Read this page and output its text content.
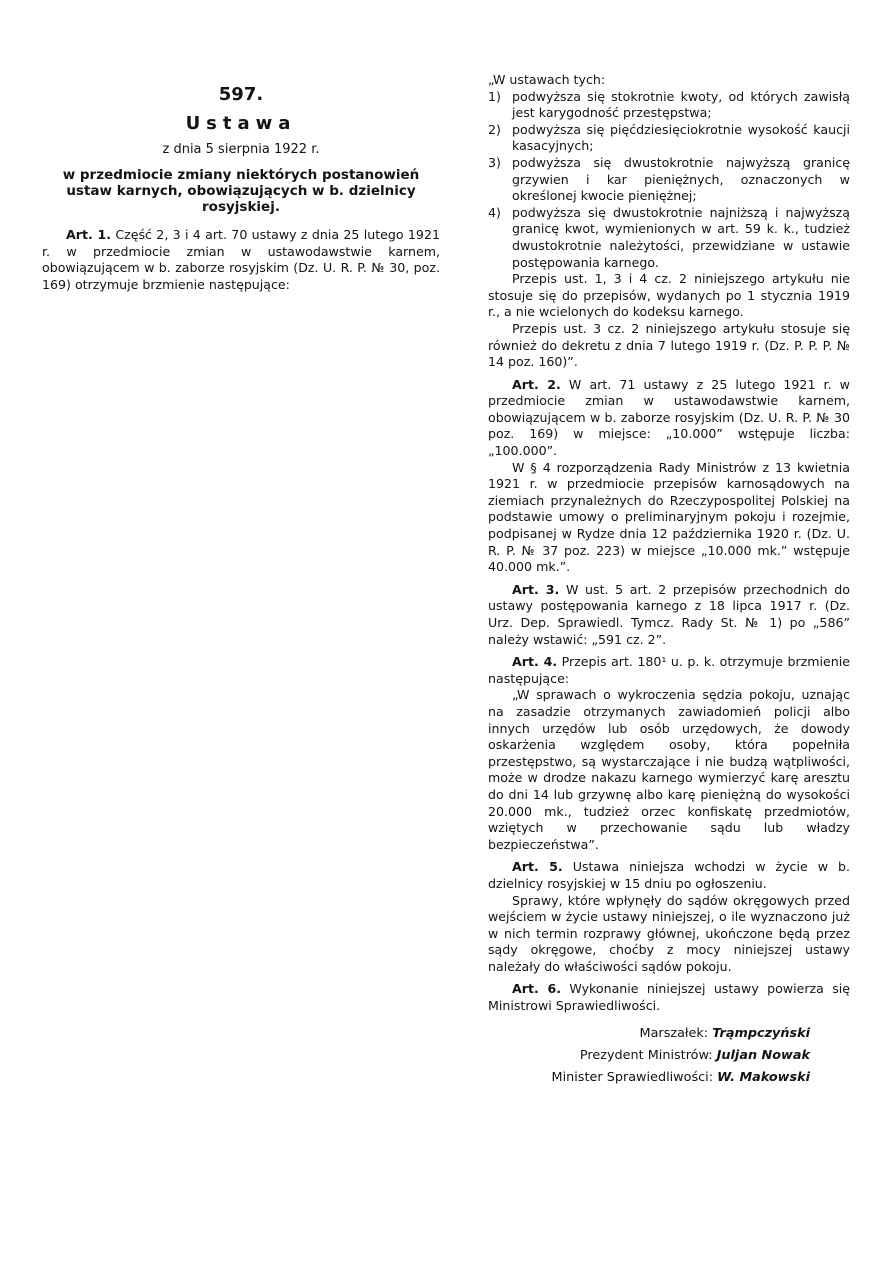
597.
Ustawa
z dnia 5 sierpnia 1922 r.
w przedmiocie zmiany niektórych postanowień ustaw karnych, obowiązujących w b. dzielnicy rosyjskiej.

Art. 1. Część 2, 3 i 4 art. 70 ustawy z dnia 25 lutego 1921 r. w przedmiocie zmian w ustawodawstwie karnem, obowiązującem w b. zaborze rosyjskim (Dz. U. R. P. № 30, poz. 169) otrzymuje brzmienie następujące:

„W ustawach tych:

1) podwyższa się stokrotnie kwoty, od których zawisłą jest karygodność przestępstwa;
2) podwyższa się pięćdziesięciokrotnie wysokość kaucji kasacyjnych;
3) podwyższa się dwustokrotnie najwyższą granicę grzywien i kar pieniężnych, oznaczonych w określonej kwocie pieniężnej;
4) podwyższa się dwustokrotnie najniższą i najwyższą granicę kwot, wymienionych w art. 59 k. k., tudzież dwustokrotnie należytości, przewidziane w ustawie postępowania karnego.

Przepis ust. 1, 3 i 4 cz. 2 niniejszego artykułu nie stosuje się do przepisów, wydanych po 1 stycznia 1919 r., a nie wcielonych do kodeksu karnego.

Przepis ust. 3 cz. 2 niniejszego artykułu stosuje się również do dekretu z dnia 7 lutego 1919 r. (Dz. P. P. P. № 14 poz. 160)”.

Art. 2. W art. 71 ustawy z 25 lutego 1921 r. w przedmiocie zmian w ustawodawstwie karnem, obowiązującem w b. zaborze rosyjskim (Dz. U. R. P. № 30 poz. 169) w miejsce: „10.000” wstępuje liczba: „100.000”.

W § 4 rozporządzenia Rady Ministrów z 13 kwietnia 1921 r. w przedmiocie przepisów karnosądowych na ziemiach przynależnych do Rzeczypospolitej Polskiej na podstawie umowy o preliminaryjnym pokoju i rozejmie, podpisanej w Rydze dnia 12 października 1920 r. (Dz. U. R. P. № 37 poz. 223) w miejsce „10.000 mk.” wstępuje 40.000 mk.”.

Art. 3. W ust. 5 art. 2 przepisów przechodnich do ustawy postępowania karnego z 18 lipca 1917 r. (Dz. Urz. Dep. Sprawiedl. Tymcz. Rady St. № 1) po „586” należy wstawić: „591 cz. 2”.

Art. 4. Przepis art. 180¹ u. p. k. otrzymuje brzmienie następujące:

„W sprawach o wykroczenia sędzia pokoju, uznając na zasadzie otrzymanych zawiadomień policji albo innych urzędów lub osób urzędowych, że dowody oskarżenia względem osoby, która popełniła przestępstwo, są wystarczające i nie budzą wątpliwości, może w drodze nakazu karnego wymierzyć karę aresztu do dni 14 lub grzywnę albo karę pieniężną do wysokości 20.000 mk., tudzież orzec konfiskatę przedmiotów, wziętych w przechowanie sądu lub władzy bezpieczeństwa”.

Art. 5. Ustawa niniejsza wchodzi w życie w b. dzielnicy rosyjskiej w 15 dniu po ogłoszeniu.

Sprawy, które wpłynęły do sądów okręgowych przed wejściem w życie ustawy niniejszej, o ile wyznaczono już w nich termin rozprawy głównej, ukończone będą przez sądy okręgowe, choćby z mocy niniejszej ustawy należały do właściwości sądów pokoju.

Art. 6. Wykonanie niniejszej ustawy powierza się Ministrowi Sprawiedliwości.

Marszałek: Trąmpczyński
Prezydent Ministrów: Juljan Nowak
Minister Sprawiedliwości: W. Makowski
